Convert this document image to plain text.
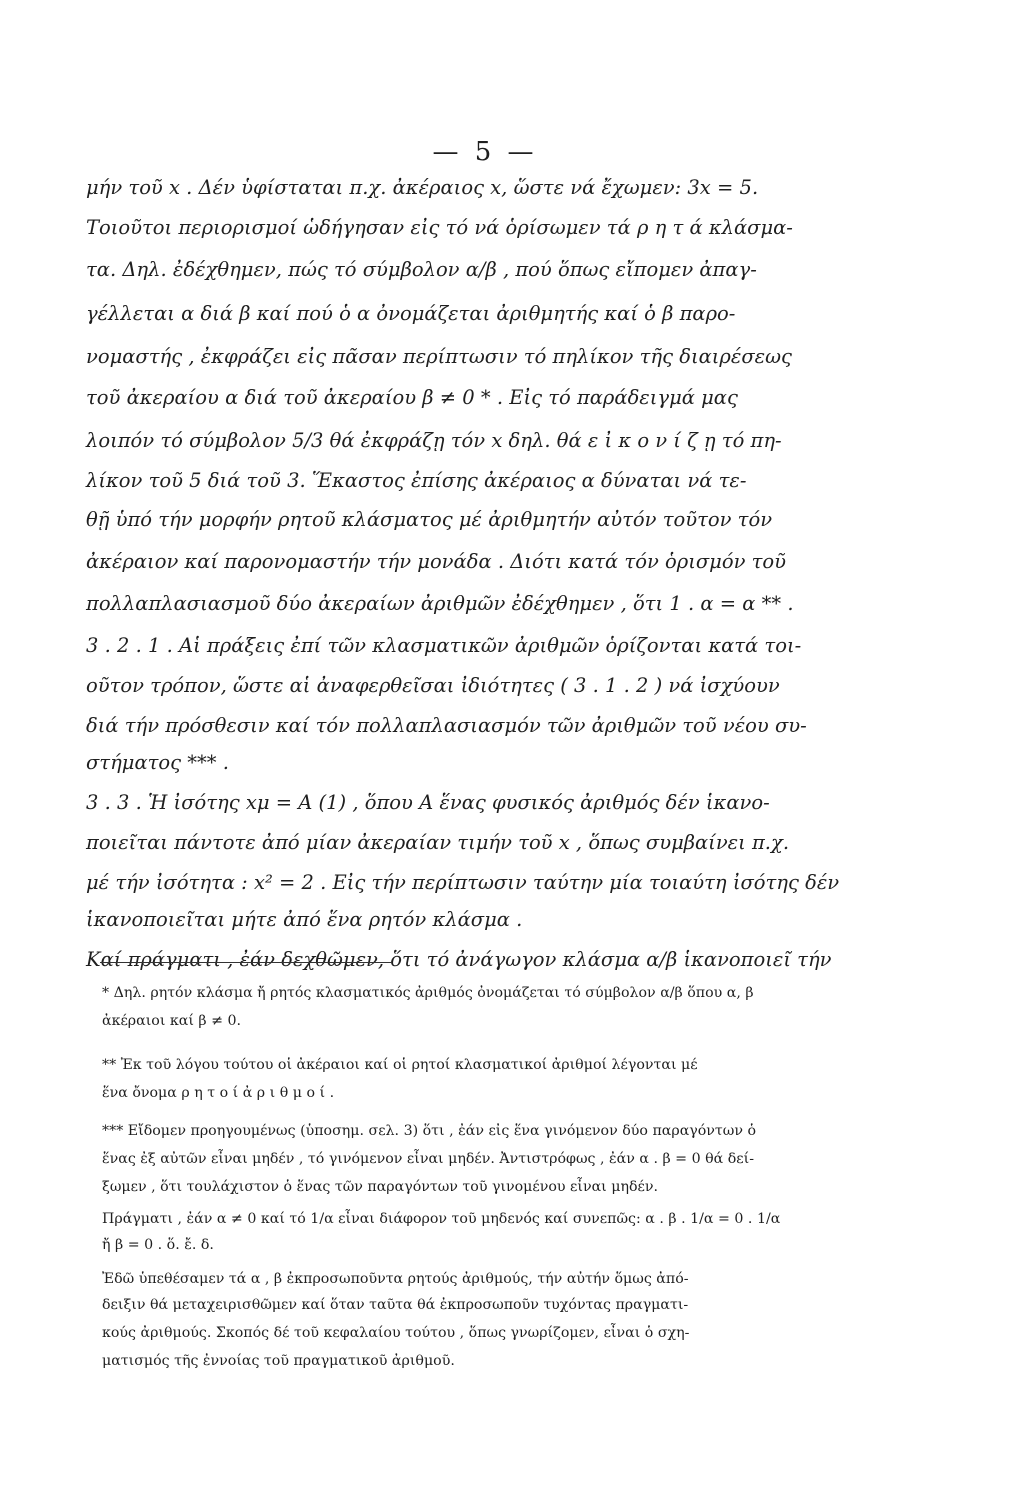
— 5 —
μήν τοῦ x . Δέν ὑφίσταται π.χ. ἀκέραιος x, ὥστε νά ἔχωμεν: 3x = 5.
Τοιοῦτοι περιορισμοί ὡδήγησαν εἰς τό νά ὁρίσωμεν τά ρ η τ ά κλάσμα-
τα. Δηλ. ἐδέχθημεν, πώς τό σύμβολον α/β , πού ὅπως εἴπομεν ἀπαγ-
γέλλεται α διά β καί πού ὁ α ὀνομάζεται ἀριθμητής καί ὁ β παρο-
νομαστής , ἐκφράζει εἰς πᾶσαν περίπτωσιν τό πηλίκον τῆς διαιρέσεως
τοῦ ἀκεραίου α διά τοῦ ἀκεραίου β ≠ 0 * . Εἰς τό παράδειγμά μας
λοιπόν τό σύμβολον 5/3 θά ἐκφράζῃ τόν x δηλ. θά ε ἰ κ ο ν ί ζ ῃ τό πη-
λίκον τοῦ 5 διά τοῦ 3. Ἕκαστος ἐπίσης ἀκέραιος α δύναται νά τε-
θῇ ὑπό τήν μορφήν ρητοῦ κλάσματος μέ ἀριθμητήν αὐτόν τοῦτον τόν
ἀκέραιον καί παρονομαστήν τήν μονάδα . Διότι κατά τόν ὁρισμόν τοῦ
πολλαπλασιασμοῦ δύο ἀκεραίων ἀριθμῶν ἐδέχθημεν , ὅτι 1 . α = α ** .
3 . 2 . 1 . Αἱ πράξεις ἐπί τῶν κλασματικῶν ἀριθμῶν ὁρίζονται κατά τοι-
οῦτον τρόπον, ὥστε αἱ ἀναφερθεῖσαι ἰδιότητες ( 3 . 1 . 2 ) νά ἰσχύουν
διά τήν πρόσθεσιν καί τόν πολλαπλασιασμόν τῶν ἀριθμῶν τοῦ νέου συ-
στήματος *** .
3 . 3 . Ἡ ἰσότης xμ = A (1) , ὅπου A ἕνας φυσικός ἀριθμός δέν ἱκανο-
ποιεῖται πάντοτε ἀπό μίαν ἀκεραίαν τιμήν τοῦ x , ὅπως συμβαίνει π.χ.
μέ τήν ἰσότητα : x² = 2 . Εἰς τήν περίπτωσιν ταύτην μία τοιαύτη ἰσότης δέν
ἱκανοποιεῖται μήτε ἀπό ἕνα ρητόν κλάσμα .
Καί πράγματι , ἐάν δεχθῶμεν, ὅτι τό ἀνάγωγον κλάσμα α/β ἱκανοποιεῖ τήν
* Δηλ. ρητόν κλάσμα ἤ ρητός κλασματικός ἀριθμός ὀνομάζεται τό σύμβολον α/β ὅπου α, β
ἀκέραιοι καί β ≠ 0.
** Ἐκ τοῦ λόγου τούτου οἱ ἀκέραιοι καί οἱ ρητοί κλασματικοί ἀριθμοί λέγονται μέ
ἕνα ὄνομα ρ η τ ο ί ἀ ρ ι θ μ ο ί .
*** Εἴδομεν προηγουμένως (ὑποσημ. σελ. 3) ὅτι , ἐάν εἰς ἕνα γινόμενον δύο παραγόντων ὁ
ἕνας ἐξ αὐτῶν εἶναι μηδέν , τό γινόμενον εἶναι μηδέν. Ἀντιστρόφως , ἐάν α . β = 0 θά δεί-
ξωμεν , ὅτι τουλάχιστον ὁ ἕνας τῶν παραγόντων τοῦ γινομένου εἶναι μηδέν.
Πράγματι , ἐάν α ≠ 0 καί τό 1/α εἶναι διάφορον τοῦ μηδενός καί συνεπῶς: α . β . 1/α = 0 . 1/α
ἤ β = 0 . ὅ. ἔ. δ.
Ἐδῶ ὑπεθέσαμεν τά α , β ἐκπροσωποῦντα ρητούς ἀριθμούς, τήν αὐτήν ὅμως ἀπό-
δειξιν θά μεταχειρισθῶμεν καί ὅταν ταῦτα θά ἐκπροσωποῦν τυχόντας πραγματι-
κούς ἀριθμούς. Σκοπός δέ τοῦ κεφαλαίου τούτου , ὅπως γνωρίζομεν, εἶναι ὁ σχη-
ματισμός τῆς ἐννοίας τοῦ πραγματικοῦ ἀριθμοῦ.
